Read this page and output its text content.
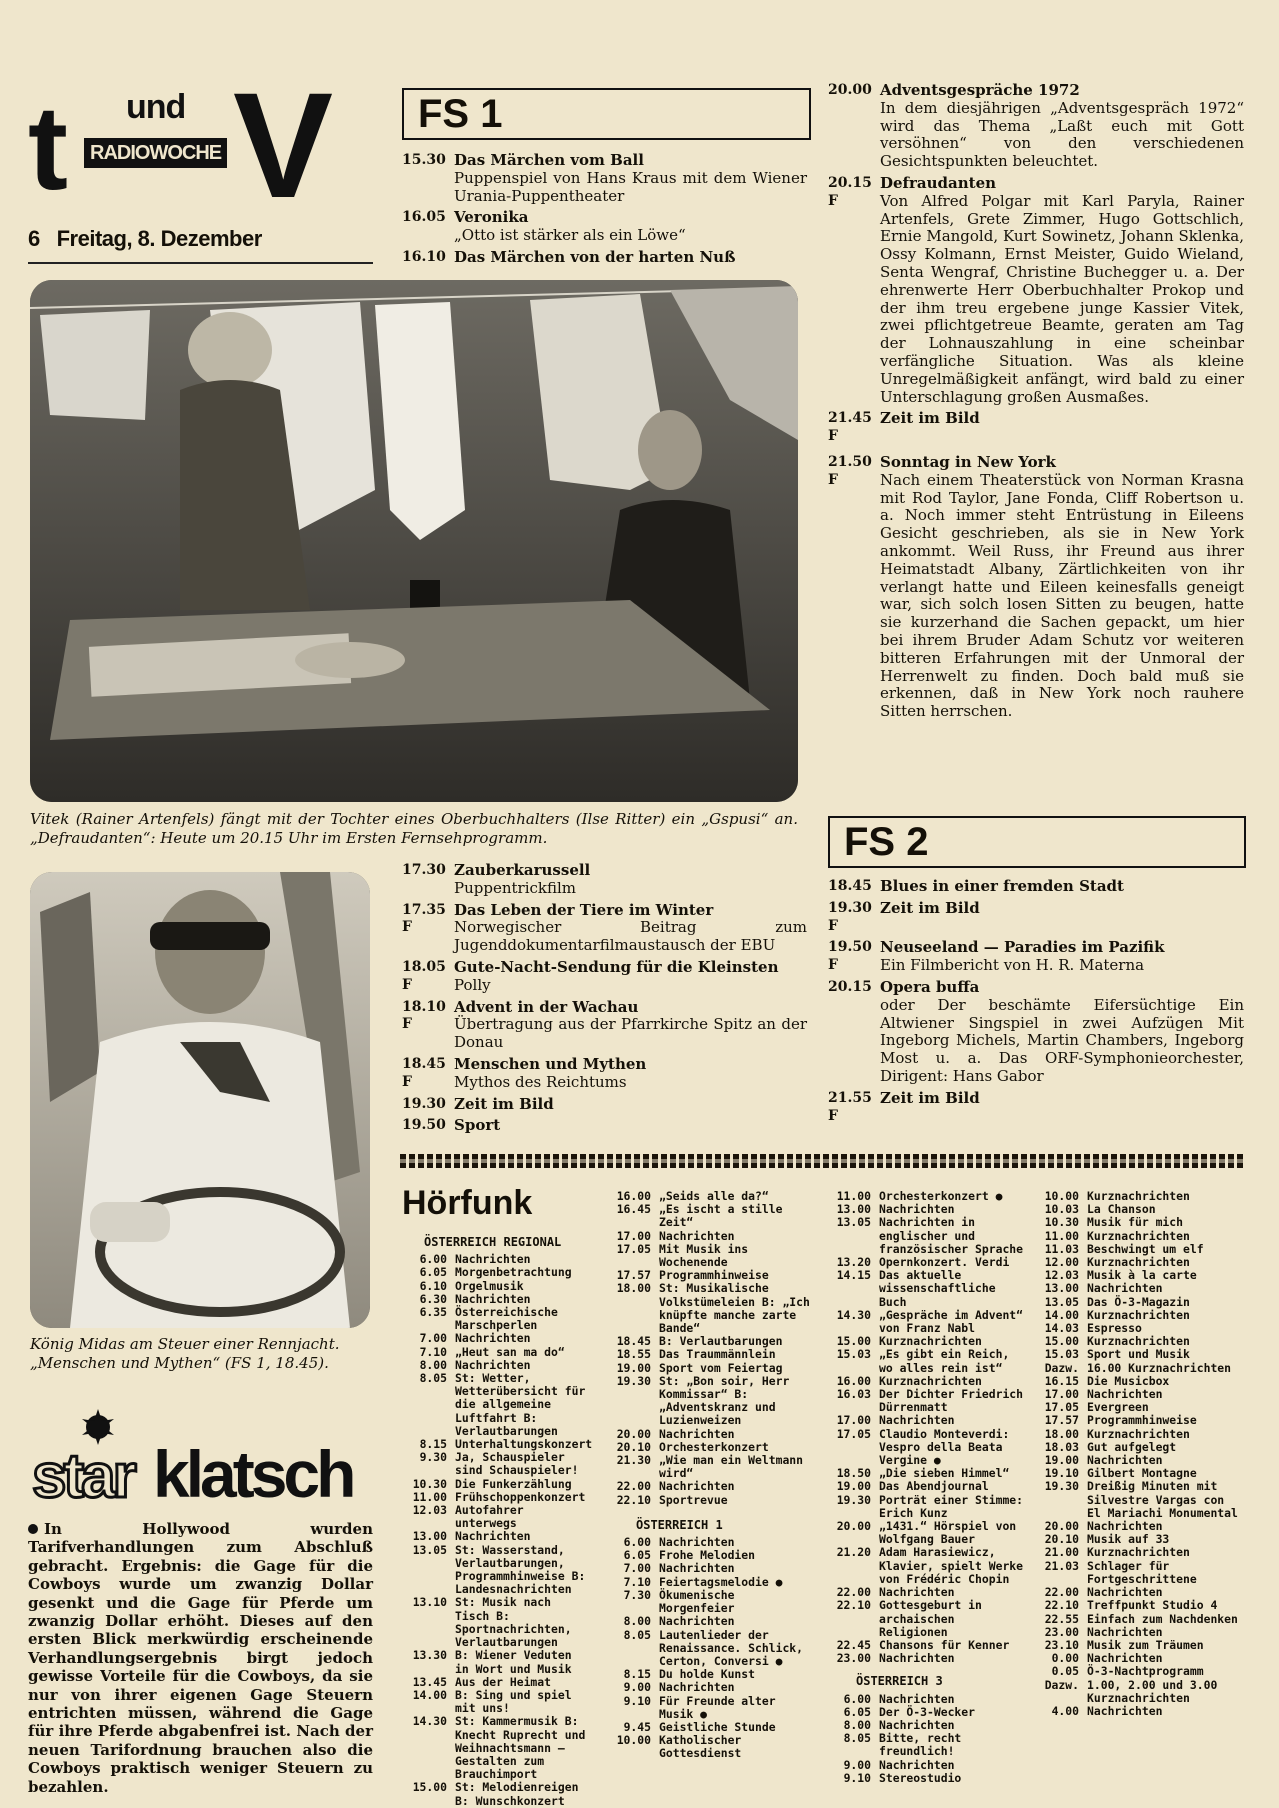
t und
RADIOWOCHE V
6 Freitag, 8. Dezember
Vitek (Rainer Artenfels) fängt mit der Tochter eines Oberbuchhalters (Ilse Ritter) ein „Gspusi“ an. „Defraudanten“: Heute um 20.15 Uhr im Ersten Fernsehprogramm.
König Midas am Steuer einer Rennjacht. „Menschen und Mythen“ (FS 1, 18.45).
FS 1
15.30 Das Märchen vom Ball
Puppenspiel von Hans Kraus mit dem Wiener Urania-Puppentheater
16.05 Veronika
„Otto ist stärker als ein Löwe“
16.10 Das Märchen von der harten Nuß
17.30 Zauberkarussell
Puppentrickfilm
17.35
F
Das Leben der Tiere im Winter
Norwegischer Beitrag zum Jugenddokumentarfilmaustausch der EBU
18.05
F
Gute-Nacht-Sendung für die Kleinsten
Polly
18.10
F
Advent in der Wachau
Übertragung aus der Pfarrkirche Spitz an der Donau
18.45
F
Menschen und Mythen
Mythos des Reichtums
19.30 Zeit im Bild
19.50 Sport
20.00 Adventsgespräche 1972
In dem diesjährigen „Adventsgespräch 1972“ wird das Thema „Laßt euch mit Gott versöhnen“ von den verschiedenen Gesichtspunkten beleuchtet.
20.15
F
Defraudanten
Von Alfred Polgar mit Karl Paryla, Rainer Artenfels, Grete Zimmer, Hugo Gottschlich, Ernie Mangold, Kurt Sowinetz, Johann Sklenka, Ossy Kolmann, Ernst Meister, Guido Wieland, Senta Wengraf, Christine Buchegger u. a. Der ehrenwerte Herr Oberbuchhalter Prokop und der ihm treu ergebene junge Kassier Vitek, zwei pflichtgetreue Beamte, geraten am Tag der Lohnauszahlung in eine scheinbar verfängliche Situation. Was als kleine Unregelmäßigkeit anfängt, wird bald zu einer Unterschlagung großen Ausmaßes.
21.45
F
Zeit im Bild
21.50
F
Sonntag in New York
Nach einem Theaterstück von Norman Krasna mit Rod Taylor, Jane Fonda, Cliff Robertson u. a. Noch immer steht Entrüstung in Eileens Gesicht geschrieben, als sie in New York ankommt. Weil Russ, ihr Freund aus ihrer Heimatstadt Albany, Zärtlichkeiten von ihr verlangt hatte und Eileen keinesfalls geneigt war, sich solch losen Sitten zu beugen, hatte sie kurzerhand die Sachen gepackt, um hier bei ihrem Bruder Adam Schutz vor weiteren bitteren Erfahrungen mit der Unmoral der Herrenwelt zu finden. Doch bald muß sie erkennen, daß in New York noch rauhere Sitten herrschen.
FS 2
18.45 Blues in einer fremden Stadt
19.30
F
Zeit im Bild
19.50
F
Neuseeland — Paradies im Pazifik
Ein Filmbericht von H. R. Materna
20.15 Opera buffa
oder Der beschämte Eifersüchtige Ein Altwiener Singspiel in zwei Aufzügen Mit Ingeborg Michels, Martin Chambers, Ingeborg Most u. a. Das ORF-Symphonieorchester, Dirigent: Hans Gabor
21.55
F
Zeit im Bild
Hörfunk
ÖSTERREICH REGIONAL
6.00 Nachrichten
6.05 Morgenbetrachtung
6.10 Orgelmusik
6.30 Nachrichten
6.35 Österreichische Marschperlen
7.00 Nachrichten
7.10 „Heut san ma do“
8.00 Nachrichten
8.05 St: Wetter, Wetterübersicht für die allgemeine Luftfahrt B: Verlautbarungen
8.15 Unterhaltungskonzert
9.30 Ja, Schauspieler sind Schauspieler!
10.30 Die Funkerzählung
11.00 Frühschoppenkonzert
12.03 Autofahrer unterwegs
13.00 Nachrichten
13.05 St: Wasserstand, Verlautbarungen, Programmhinweise B: Landesnachrichten
13.10 St: Musik nach Tisch B: Sportnachrichten, Verlautbarungen
13.30 B: Wiener Veduten in Wort und Musik
13.45 Aus der Heimat
14.00 B: Sing und spiel mit uns!
14.30 St: Kammermusik B: Knecht Ruprecht und Weihnachtsmann — Gestalten zum Brauchimport
15.00 St: Melodienreigen B: Wunschkonzert
16.00 „Seids alle da?“
16.45 „Es ischt a stille Zeit“
17.00 Nachrichten
17.05 Mit Musik ins Wochenende
17.57 Programmhinweise
18.00 St: Musikalische Volkstümeleien B: „Ich knüpfte manche zarte Bande“
18.45 B: Verlautbarungen
18.55 Das Traummännlein
19.00 Sport vom Feiertag
19.30 St: „Bon soir, Herr Kommissar“ B: „Adventskranz und Luzienweizen
20.00 Nachrichten
20.10 Orchesterkonzert
21.30 „Wie man ein Weltmann wird“
22.00 Nachrichten
22.10 Sportrevue
ÖSTERREICH 1
6.00 Nachrichten
6.05 Frohe Melodien
7.00 Nachrichten
7.10 Feiertagsmelodie ●
7.30 Ökumenische Morgenfeier
8.00 Nachrichten
8.05 Lautenlieder der Renaissance. Schlick, Certon, Conversi ●
8.15 Du holde Kunst
9.00 Nachrichten
9.10 Für Freunde alter Musik ●
9.45 Geistliche Stunde
10.00 Katholischer Gottesdienst
11.00 Orchesterkonzert ●
13.00 Nachrichten
13.05 Nachrichten in englischer und französischer Sprache
13.20 Opernkonzert. Verdi
14.15 Das aktuelle wissenschaftliche Buch
14.30 „Gespräche im Advent“ von Franz Nabl
15.00 Kurznachrichten
15.03 „Es gibt ein Reich, wo alles rein ist“
16.00 Kurznachrichten
16.03 Der Dichter Friedrich Dürrenmatt
17.00 Nachrichten
17.05 Claudio Monteverdi: Vespro della Beata Vergine ●
18.50 „Die sieben Himmel“
19.00 Das Abendjournal
19.30 Porträt einer Stimme: Erich Kunz
20.00 „1431.“ Hörspiel von Wolfgang Bauer
21.20 Adam Harasiewicz, Klavier, spielt Werke von Frédéric Chopin
22.00 Nachrichten
22.10 Gottesgeburt in archaischen Religionen
22.45 Chansons für Kenner
23.00 Nachrichten
ÖSTERREICH 3
6.00 Nachrichten
6.05 Der Ö-3-Wecker
8.00 Nachrichten
8.05 Bitte, recht freundlich!
9.00 Nachrichten
9.10 Stereostudio
10.00 Kurznachrichten
10.03 La Chanson
10.30 Musik für mich
11.00 Kurznachrichten
11.03 Beschwingt um elf
12.00 Kurznachrichten
12.03 Musik à la carte
13.00 Nachrichten
13.05 Das Ö-3-Magazin
14.00 Kurznachrichten
14.03 Espresso
15.00 Kurznachrichten
15.03 Sport und Musik
Dazw. 16.00 Kurznachrichten
16.15 Die Musicbox
17.00 Nachrichten
17.05 Evergreen
17.57 Programmhinweise
18.00 Kurznachrichten
18.03 Gut aufgelegt
19.00 Nachrichten
19.10 Gilbert Montagne
19.30 Dreißig Minuten mit Silvestre Vargas con El Mariachi Monumental
20.00 Nachrichten
20.10 Musik auf 33
21.00 Kurznachrichten
21.03 Schlager für Fortgeschrittene
22.00 Nachrichten
22.10 Treffpunkt Studio 4
22.55 Einfach zum Nachdenken
23.00 Nachrichten
23.10 Musik zum Träumen
0.00 Nachrichten
0.05 Ö-3-Nachtprogramm
Dazw. 1.00, 2.00 und 3.00 Kurznachrichten
4.00 Nachrichten
star klatsch
In Hollywood wurden Tarifverhandlungen zum Abschluß gebracht. Ergebnis: die Gage für die Cowboys wurde um zwanzig Dollar gesenkt und die Gage für Pferde um zwanzig Dollar erhöht. Dieses auf den ersten Blick merkwürdig erscheinende Verhandlungsergebnis birgt jedoch gewisse Vorteile für die Cowboys, da sie nur von ihrer eigenen Gage Steuern entrichten müssen, während die Gage für ihre Pferde abgabenfrei ist. Nach der neuen Tarifordnung brauchen also die Cowboys praktisch weniger Steuern zu bezahlen.
